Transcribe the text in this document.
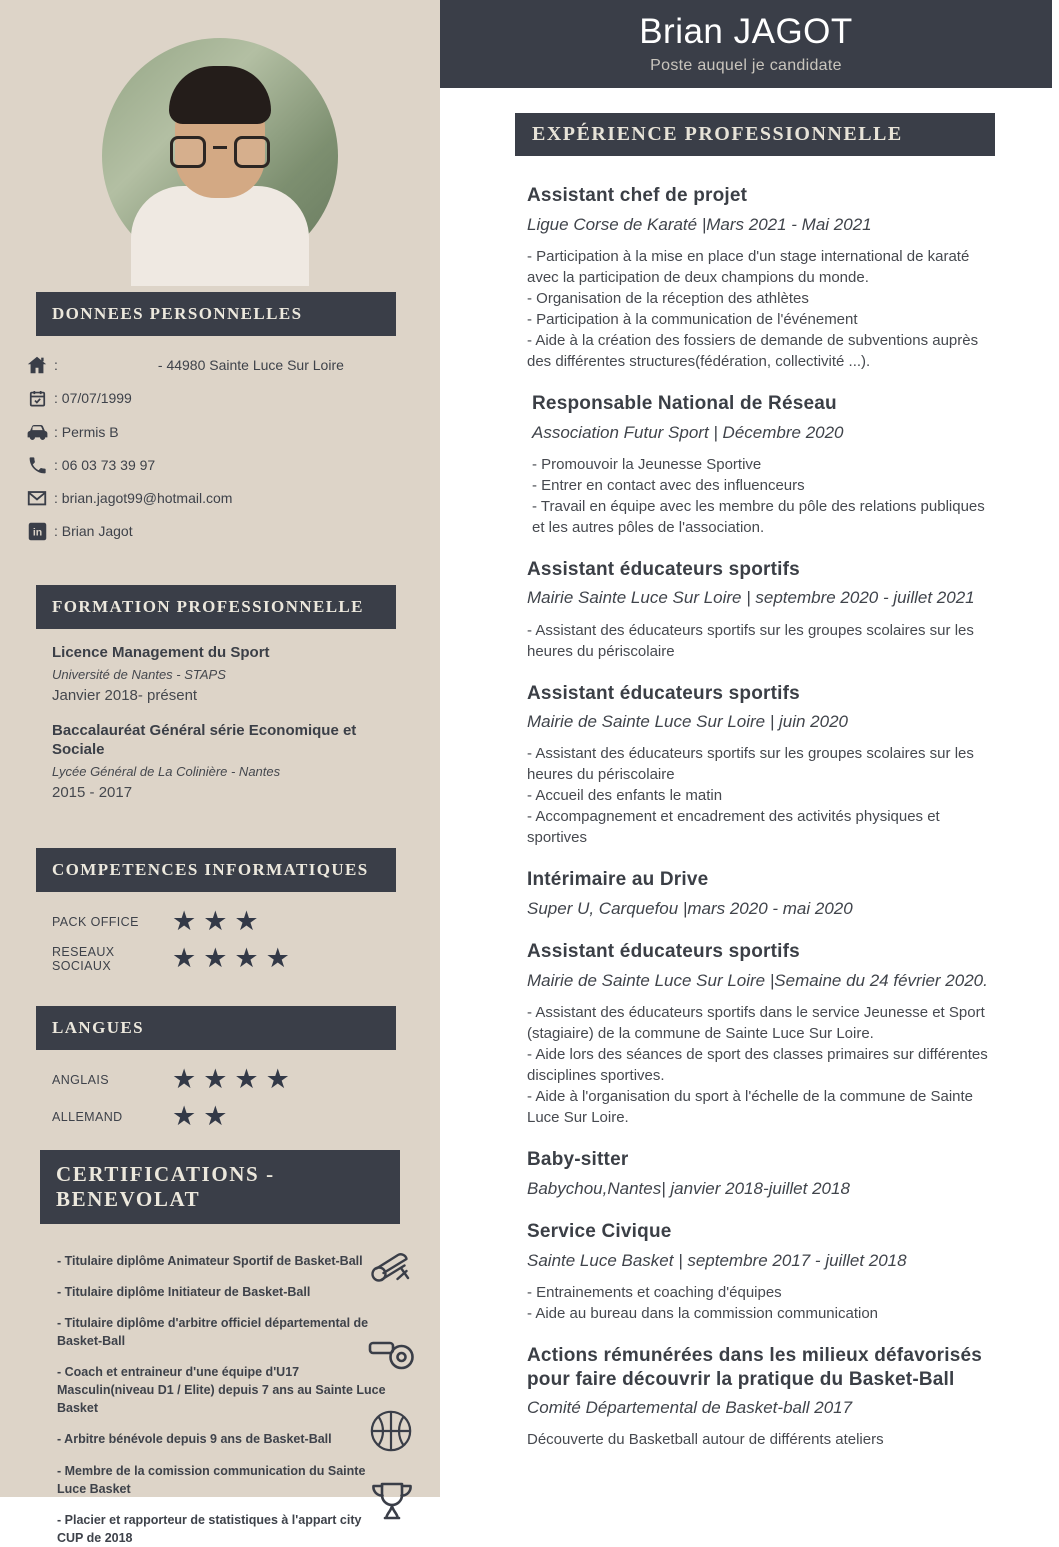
DONNEES PERSONNELLES
:	- 44980 Sainte Luce Sur Loire
: 07/07/1999
: Permis B
: 06 03 73 39 97
: brian.jagot99@hotmail.com
in : Brian Jagot
FORMATION PROFESSIONNELLE
Licence Management du Sport
Université de Nantes - STAPS
Janvier 2018- présent
Baccalauréat Général série Economique et Sociale
Lycée Général de La Colinière - Nantes
2015 - 2017
COMPETENCES INFORMATIQUES
PACK OFFICE	★★★
RESEAUX SOCIAUX	★★★★
LANGUES
ANGLAIS	★★★★
ALLEMAND	★★
CERTIFICATIONS - BENEVOLAT
- Titulaire diplôme Animateur Sportif de Basket-Ball
- Titulaire diplôme Initiateur de Basket-Ball
- Titulaire diplôme d'arbitre officiel départemental de Basket-Ball
- Coach et entraineur d'une équipe d'U17 Masculin(niveau D1 / Elite) depuis 7 ans au Sainte Luce Basket
- Arbitre bénévole depuis 9 ans de Basket-Ball
- Membre de la comission communication du Sainte Luce Basket
- Placier et rapporteur de statistiques à l'appart city CUP de 2018
Brian JAGOT
Poste auquel je candidate
EXPÉRIENCE PROFESSIONNELLE
Assistant chef de projet

Ligue Corse de Karaté |Mars 2021 - Mai 2021

- Participation à la mise en place d'un stage international de karaté avec la participation de deux champions du monde.
- Organisation de la réception des athlètes
- Participation à la communication de l'événement
- Aide à la création des fossiers de demande de subventions auprès des différentes structures(fédération, collectivité ...).
Responsable National de Réseau

Association Futur Sport | Décembre 2020

- Promouvoir la Jeunesse Sportive
- Entrer en contact avec des influenceurs
- Travail en équipe avec les membre du pôle des relations publiques et les autres pôles de l'association.
Assistant éducateurs sportifs

Mairie Sainte Luce Sur Loire | septembre 2020 - juillet 2021

- Assistant des éducateurs sportifs sur les groupes scolaires sur les heures du périscolaire
Assistant éducateurs sportifs

Mairie de Sainte Luce Sur Loire | juin 2020

- Assistant des éducateurs sportifs sur les groupes scolaires sur les heures du périscolaire
- Accueil des enfants le matin
- Accompagnement et encadrement des activités physiques et sportives
Intérimaire au Drive

Super U, Carquefou |mars 2020 - mai 2020

Assistant éducateurs sportifs

Mairie de Sainte Luce Sur Loire |Semaine du 24 février 2020.

- Assistant des éducateurs sportifs dans le service Jeunesse et Sport (stagiaire) de la commune de Sainte Luce Sur Loire.
- Aide lors des séances de sport des classes primaires sur différentes disciplines sportives.
- Aide à l'organisation du sport à l'échelle de la commune de Sainte Luce Sur Loire.
Baby-sitter

Babychou,Nantes| janvier 2018-juillet 2018

Service Civique

Sainte Luce Basket | septembre 2017 - juillet 2018

- Entrainements et coaching d'équipes
- Aide au bureau dans la commission communication
Actions rémunérées dans les milieux défavorisés pour faire découvrir la pratique du Basket-Ball

Comité Départemental de Basket-ball 2017

Découverte du Basketball autour de différents ateliers
